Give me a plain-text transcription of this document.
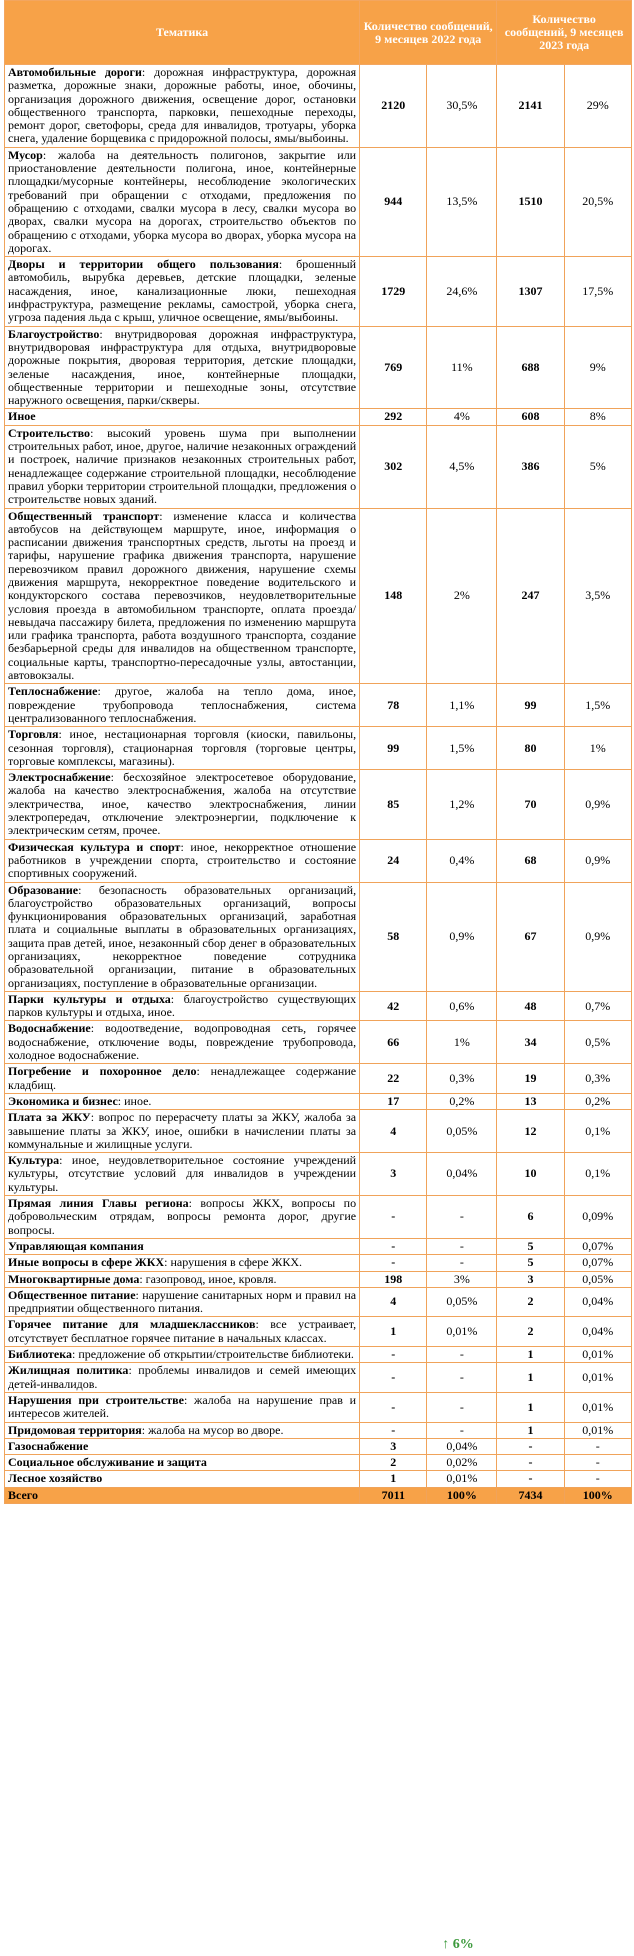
Тематика	Количество сообщений, 9 месяцев 2022 года		Количество сообщений, 9 месяцев 2023 года	
Автомобильные дороги: дорожная инфраструктура, дорожная разметка, дорожные знаки, дорожные работы, иное, обочины, организация дорожного движения, освещение дорог, остановки общественного транспорта, парковки, пешеходные переходы, ремонт дорог, светофоры, среда для инвалидов, тротуары, уборка снега, удаление борщевика с придорожной полосы, ямы/выбоины.	2120	30,5%	2141	29%
Мусор: жалоба на деятельность полигонов, закрытие или приостановление деятельности полигона, иное, контейнерные площадки/мусорные контейнеры, несоблюдение экологических требований при обращении с отходами, предложения по обращению с отходами, свалки мусора в лесу, свалки мусора во дворах, свалки мусора на дорогах, строительство объектов по обращению с отходами, уборка мусора во дворах, уборка мусора на дорогах.	944	13,5%	1510	20,5%
Дворы и территории общего пользования: брошенный автомобиль, вырубка деревьев, детские площадки, зеленые насаждения, иное, канализационные люки, пешеходная инфраструктура, размещение рекламы, самострой, уборка снега, угроза падения льда с крыш, уличное освещение, ямы/выбоины.	1729	24,6%	1307	17,5%
Благоустройство: внутридворовая дорожная инфраструктура, внутридворовая инфраструктура для отдыха, внутридворовые дорожные покрытия, дворовая территория, детские площадки, зеленые насаждения, иное, контейнерные площадки, общественные территории и пешеходные зоны, отсутствие наружного освещения, парки/скверы.	769	11%	688	9%
Иное	292	4%	608	8%
Строительство: высокий уровень шума при выполнении строительных работ, иное, другое, наличие незаконных ограждений и построек, наличие признаков незаконных строительных работ, ненадлежащее содержание строительной площадки, несоблюдение правил уборки территории строительной площадки, предложения о строительстве новых зданий.	302	4,5%	386	5%
Общественный транспорт: изменение класса и количества автобусов на действующем маршруте, иное, информация о расписании движения транспортных средств, льготы на проезд и тарифы, нарушение графика движения транспорта, нарушение перевозчиком правил дорожного движения, нарушение схемы движения маршрута, некорректное поведение водительского и кондукторского состава перевозчиков, неудовлетворительные условия проезда в автомобильном транспорте, оплата проезда/невыдача пассажиру билета, предложения по изменению маршрута или графика транспорта, работа воздушного транспорта, создание безбарьерной среды для инвалидов на общественном транспорте, социальные карты, транспортно-пересадочные узлы, автостанции, автовокзалы.	148	2%	247	3,5%
Теплоснабжение: другое, жалоба на тепло дома, иное, повреждение трубопровода теплоснабжения, система централизованного теплоснабжения.	78	1,1%	99	1,5%
Торговля: иное, нестационарная торговля (киоски, павильоны, сезонная торговля), стационарная торговля (торговые центры, торговые комплексы, магазины).	99	1,5%	80	1%
Электроснабжение: бесхозяйное электросетевое оборудование, жалоба на качество электроснабжения, жалоба на отсутствие электричества, иное, качество электроснабжения, линии электропередач, отключение электроэнергии, подключение к электрическим сетям, прочее.	85	1,2%	70	0,9%
Физическая культура и спорт: иное, некорректное отношение работников в учреждении спорта, строительство и состояние спортивных сооружений.	24	0,4%	68	0,9%
Образование: безопасность образовательных организаций, благоустройство образовательных организаций, вопросы функционирования образовательных организаций, заработная плата и социальные выплаты в образовательных организациях, защита прав детей, иное, незаконный сбор денег в образовательных организациях, некорректное поведение сотрудника образовательной организации, питание в образовательных организациях, поступление в образовательные организации.	58	0,9%	67	0,9%
Парки культуры и отдыха: благоустройство существующих парков культуры и отдыха, иное.	42	0,6%	48	0,7%
Водоснабжение: водоотведение, водопроводная сеть, горячее водоснабжение, отключение воды, повреждение трубопровода, холодное водоснабжение.	66	1%	34	0,5%
Погребение и похоронное дело: ненадлежащее содержание кладбищ.	22	0,3%	19	0,3%
Экономика и бизнес: иное.	17	0,2%	13	0,2%
Плата за ЖКУ: вопрос по перерасчету платы за ЖКУ, жалоба за завышение платы за ЖКУ, иное, ошибки в начислении платы за коммунальные и жилищные услуги.	4	0,05%	12	0,1%
Культура: иное, неудовлетворительное состояние учреждений культуры, отсутствие условий для инвалидов в учреждении культуры.	3	0,04%	10	0,1%
Прямая линия Главы региона: вопросы ЖКХ, вопросы по добровольческим отрядам, вопросы ремонта дорог, другие вопросы.	-	-	6	0,09%
Управляющая компания	-	-	5	0,07%
Иные вопросы в сфере ЖКХ: нарушения в сфере ЖКХ.	-	-	5	0,07%
Многоквартирные дома: газопровод, иное, кровля.	198	3%	3	0,05%
Общественное питание: нарушение санитарных норм и правил на предприятии общественного питания.	4	0,05%	2	0,04%
Горячее питание для младшеклассников: все устраивает, отсутствует бесплатное горячее питание в начальных классах.	1	0,01%	2	0,04%
Библиотека: предложение об открытии/строительстве библиотеки.	-	-	1	0,01%
Жилищная политика: проблемы инвалидов и семей имеющих детей-инвалидов.	-	-	1	0,01%
Нарушения при строительстве: жалоба на нарушение прав и интересов жителей.	-	-	1	0,01%
Придомовая территория: жалоба на мусор во дворе.	-	-	1	0,01%
Газоснабжение	3	0,04%	-	-
Социальное обслуживание и защита	2	0,02%	-	-
Лесное хозяйство	1	0,01%	-	-
Всего	7011	100%	7434	100%
↑ 6%
